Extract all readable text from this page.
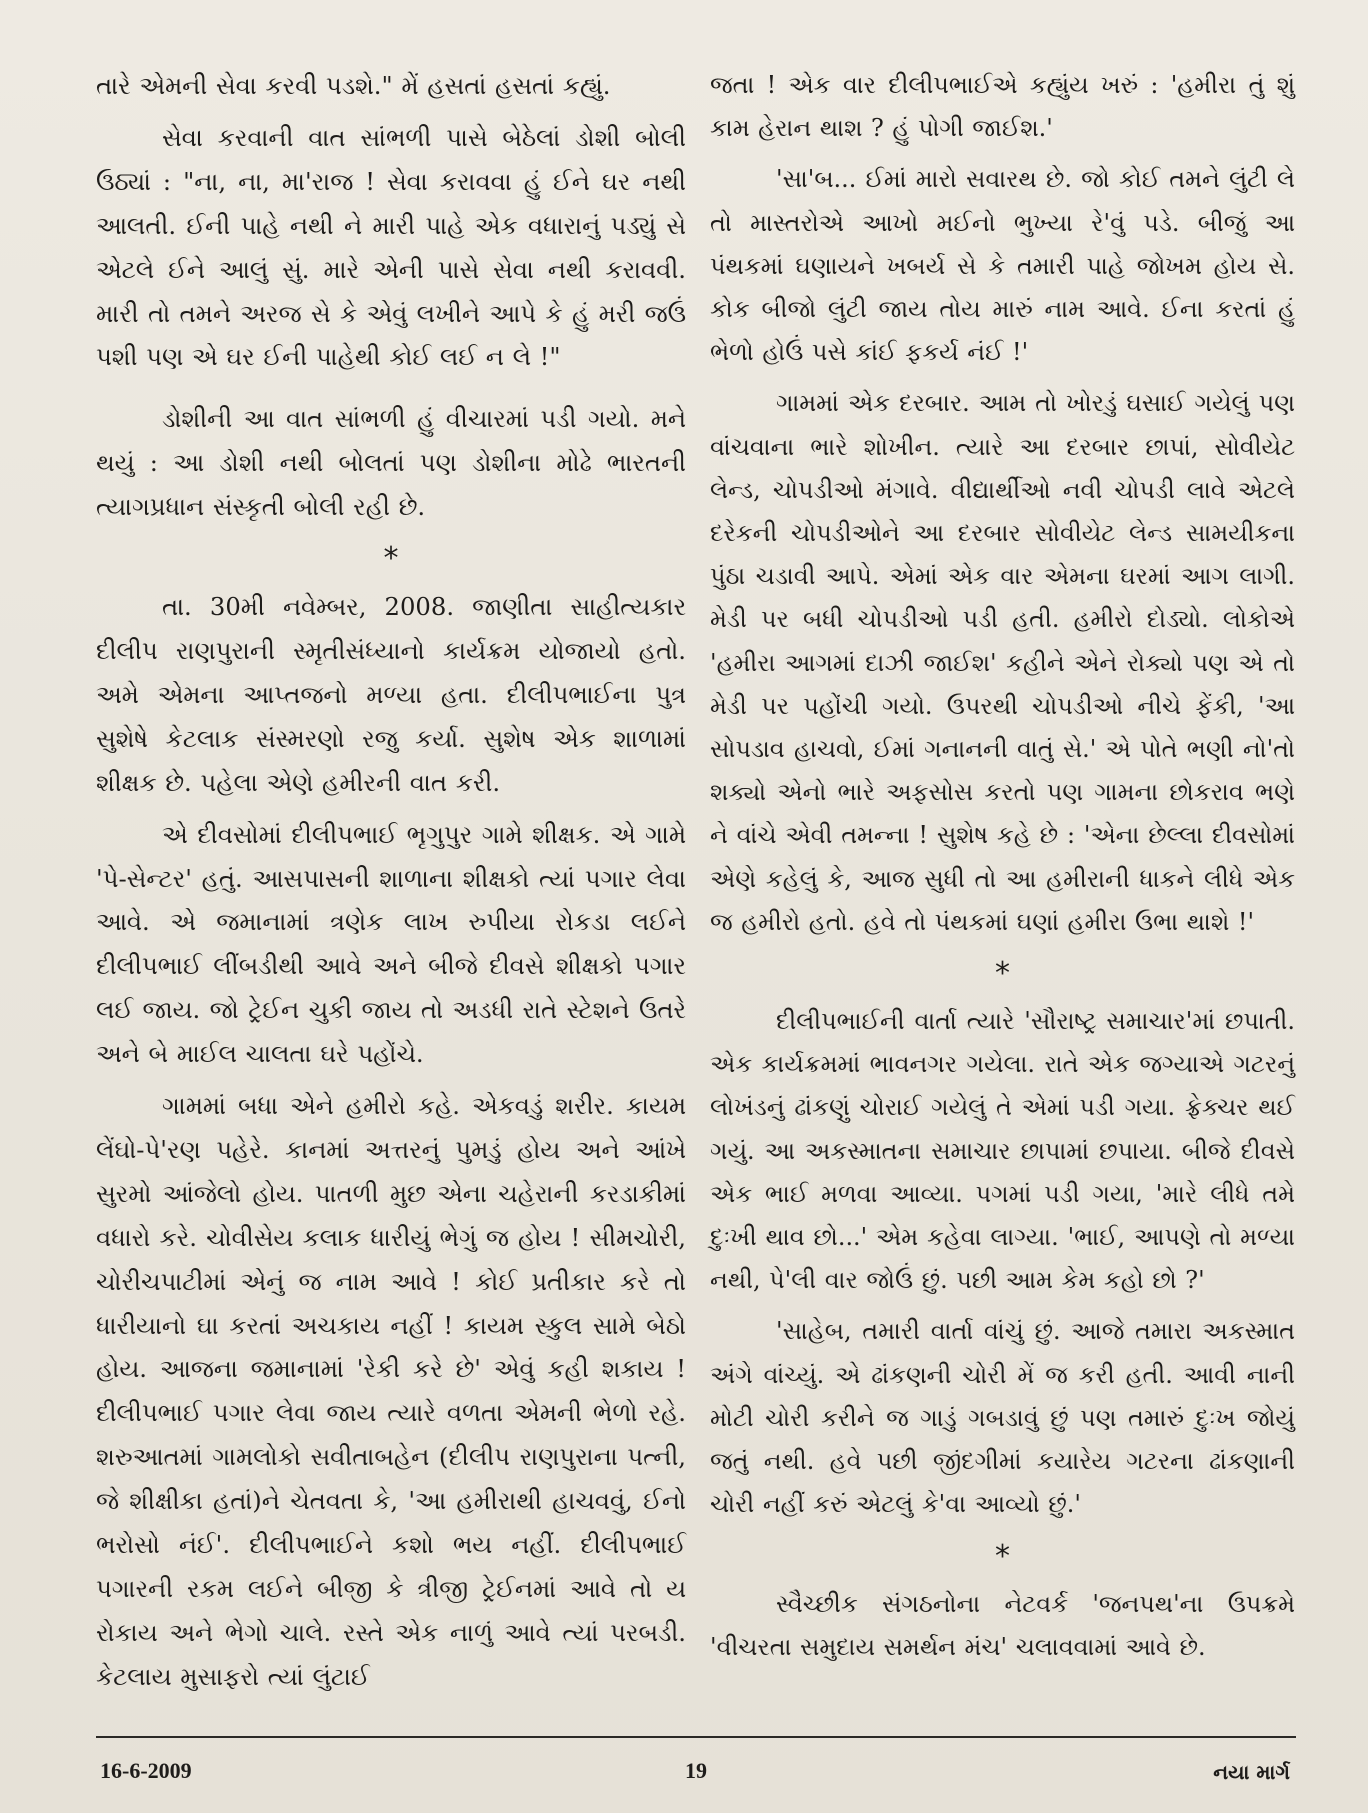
તારે એમની સેવા કરવી પડશે." મેં હસતાં હસતાં કહ્યું.

સેવા કરવાની વાત સાંભળી પાસે બેઠેલાં ડોશી બોલી ઉઠ્યાં : "ના, ના, મા'રાજ ! સેવા કરાવવા હું ઈને ઘર નથી આલતી. ઈની પાહે નથી ને મારી પાહે એક વધારાનું પડ્યું સે એટલે ઈને આલું સું. મારે એની પાસે સેવા નથી કરાવવી. મારી તો તમને અરજ સે કે એવું લખીને આપે કે હું મરી જઉં પશી પણ એ ઘર ઈની પાહેથી કોઈ લઈ ન લે !"

ડોશીની આ વાત સાંભળી હું વીચારમાં પડી ગયો. મને થયું : આ ડોશી નથી બોલતાં પણ ડોશીના મોઢે ભારતની ત્યાગપ્રધાન સંસ્કૃતી બોલી રહી છે.

*

તા. 30મી નવેમ્બર, 2008. જાણીતા સાહીત્યકાર દીલીપ રાણપુરાની સ્મૃતીસંધ્યાનો કાર્યક્રમ યોજાયો હતો. અમે એમના આપ્તજનો મળ્યા હતા. દીલીપભાઈના પુત્ર સુશેષે કેટલાક સંસ્મરણો રજુ કર્યા. સુશેષ એક શાળામાં શીક્ષક છે. પહેલા એણે હમીરની વાત કરી.

એ દીવસોમાં દીલીપભાઈ ભૃગુપુર ગામે શીક્ષક. એ ગામે 'પે-સેન્ટર' હતું. આસપાસની શાળાના શીક્ષકો ત્યાં પગાર લેવા આવે. એ જમાનામાં ત્રણેક લાખ રુપીયા રોકડા લઈને દીલીપભાઈ લીંબડીથી આવે અને બીજે દીવસે શીક્ષકો પગાર લઈ જાય. જો ટ્રેઈન ચુકી જાય તો અડધી રાતે સ્ટેશને ઉતરે અને બે માઈલ ચાલતા ઘરે પહોંચે.

ગામમાં બધા એને હમીરો કહે. એકવડું શરીર. કાયમ લેંઘો-પે'રણ પહેરે. કાનમાં અત્તરનું પુમડું હોય અને આંખે સુરમો આંજેલો હોય. પાતળી મુછ એના ચહેરાની કરડાકીમાં વધારો કરે. ચોવીસેય કલાક ધારીયું ભેગું જ હોય ! સીમચોરી, ચોરીચપાટીમાં એનું જ નામ આવે ! કોઈ પ્રતીકાર કરે તો ધારીયાનો ઘા કરતાં અચકાય નહીં ! કાયમ સ્કુલ સામે બેઠો હોય. આજના જમાનામાં 'રેકી કરે છે' એવું કહી શકાય ! દીલીપભાઈ પગાર લેવા જાય ત્યારે વળતા એમની ભેળો રહે. શરુઆતમાં ગામલોકો સવીતાબહેન (દીલીપ રાણપુરાના પત્ની, જે શીક્ષીકા હતાં)ને ચેતવતા કે, 'આ હમીરાથી હાચવવું, ઈનો ભરોસો નંઈ'. દીલીપભાઈને કશો ભય નહીં. દીલીપભાઈ પગારની રકમ લઈને બીજી કે ત્રીજી ટ્રેઈનમાં આવે તો ય રોકાય અને ભેગો ચાલે. રસ્તે એક નાળું આવે ત્યાં પરબડી. કેટલાય મુસાફરો ત્યાં લુંટાઈ

જતા ! એક વાર દીલીપભાઈએ કહ્યુંય ખરું : 'હમીરા તું શું કામ હેરાન થાશ ? હું પોગી જાઈશ.'

'સા'બ... ઈમાં મારો સવારથ છે. જો કોઈ તમને લુંટી લે તો માસ્તરોએ આખો મઈનો ભુખ્યા રે'વું પડે. બીજું આ પંથકમાં ઘણાયને ખબર્ય સે કે તમારી પાહે જોખમ હોય સે. કોક બીજો લુંટી જાય તોય મારું નામ આવે. ઈના કરતાં હું ભેળો હોઉં પસે કાંઈ ફકર્ય નંઈ !'

ગામમાં એક દરબાર. આમ તો ખોરડું ઘસાઈ ગયેલું પણ વાંચવાના ભારે શોખીન. ત્યારે આ દરબાર છાપાં, સોવીયેટ લેન્ડ, ચોપડીઓ મંગાવે. વીદ્યાર્થીઓ નવી ચોપડી લાવે એટલે દરેકની ચોપડીઓને આ દરબાર સોવીયેટ લેન્ડ સામયીકના પુંઠા ચડાવી આપે. એમાં એક વાર એમના ઘરમાં આગ લાગી. મેડી પર બધી ચોપડીઓ પડી હતી. હમીરો દોડ્યો. લોકોએ 'હમીરા આગમાં દાઝી જાઈશ' કહીને એને રોક્યો પણ એ તો મેડી પર પહોંચી ગયો. ઉપરથી ચોપડીઓ નીચે ફેંકી, 'આ સોપડાવ હાચવો, ઈમાં ગનાનની વાતું સે.' એ પોતે ભણી નો'તો શક્યો એનો ભારે અફસોસ કરતો પણ ગામના છોકરાવ ભણે ને વાંચે એવી તમન્ના ! સુશેષ કહે છે : 'એના છેલ્લા દીવસોમાં એણે કહેલું કે, આજ સુધી તો આ હમીરાની ધાકને લીધે એક જ હમીરો હતો. હવે તો પંથકમાં ઘણાં હમીરા ઉભા થાશે !'

*

દીલીપભાઈની વાર્તા ત્યારે 'સૌરાષ્ટ્ર સમાચાર'માં છપાતી. એક કાર્યક્રમમાં ભાવનગર ગયેલા. રાતે એક જગ્યાએ ગટરનું લોખંડનું ઢાંકણું ચોરાઈ ગયેલું તે એમાં પડી ગયા. ફ્રેક્ચર થઈ ગયું. આ અકસ્માતના સમાચાર છાપામાં છપાયા. બીજે દીવસે એક ભાઈ મળવા આવ્યા. પગમાં પડી ગયા, 'મારે લીધે તમે દુઃખી થાવ છો...' એમ કહેવા લાગ્યા. 'ભાઈ, આપણે તો મળ્યા નથી, પે'લી વાર જોઉં છું. પછી આમ કેમ કહો છો ?'

'સાહેબ, તમારી વાર્તા વાંચું છું. આજે તમારા અકસ્માત અંગે વાંચ્યું. એ ઢાંકણની ચોરી મેં જ કરી હતી. આવી નાની મોટી ચોરી કરીને જ ગાડું ગબડાવું છું પણ તમારું દુઃખ જોયું જતું નથી. હવે પછી જીંદગીમાં કયારેય ગટરના ઢાંકણાની ચોરી નહીં કરું એટલું કે'વા આવ્યો છું.'

*

સ્વૈચ્છીક સંગઠનોના નેટવર્ક 'જનપથ'ના ઉપક્રમે 'વીચરતા સમુદાય સમર્થન મંચ' ચલાવવામાં આવે છે.

16-6-2009	19	નયા માર્ગ
